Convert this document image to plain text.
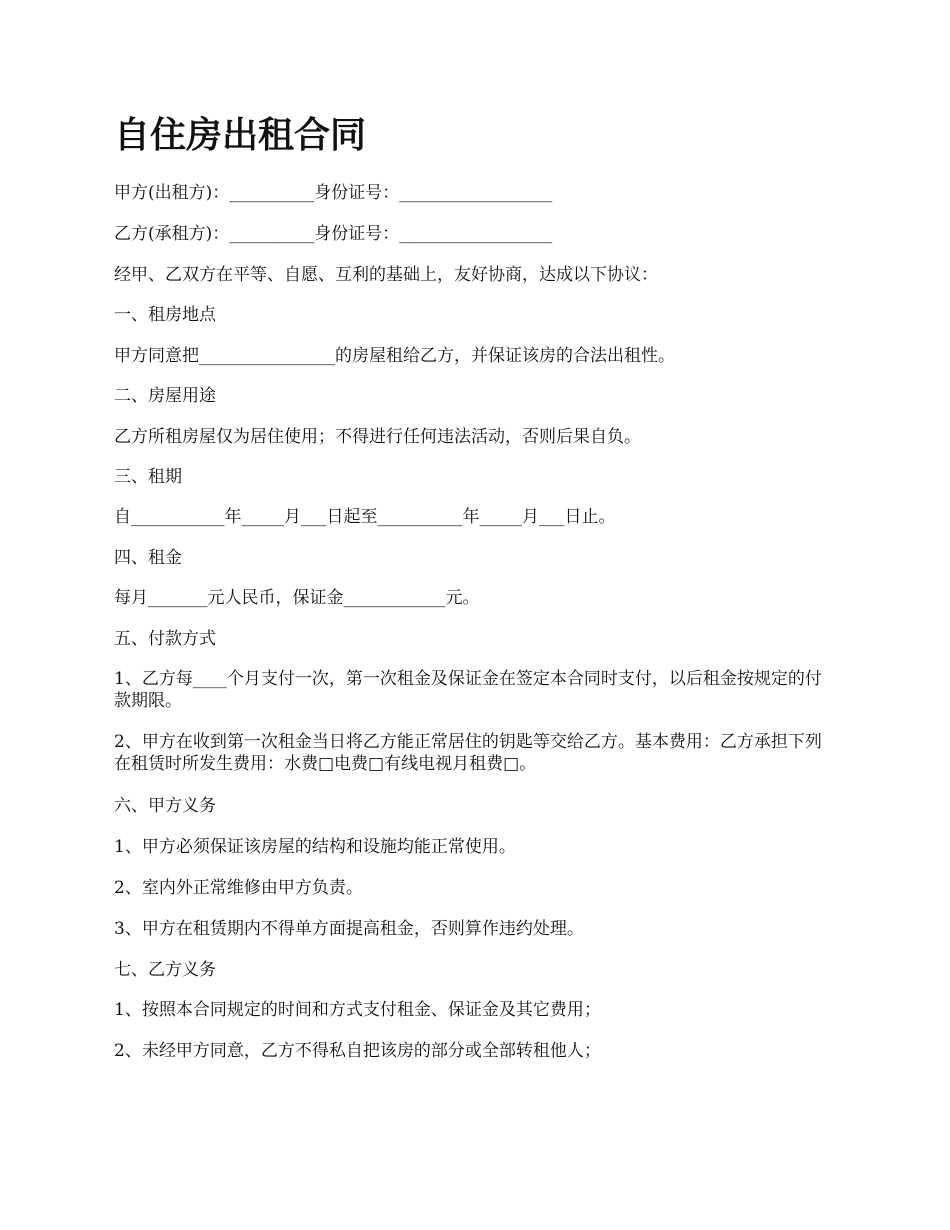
自住房出租合同

甲方(出租方)：__________身份证号：__________________

乙方(承租方)：__________身份证号：__________________

经甲、乙双方在平等、自愿、互利的基础上，友好协商，达成以下协议：

一、租房地点

甲方同意把________________的房屋租给乙方，并保证该房的合法出租性。

二、房屋用途

乙方所租房屋仅为居住使用；不得进行任何违法活动，否则后果自负。

三、租期

自___________年_____月___日起至__________年_____月___日止。

四、租金

每月_______元人民币，保证金____________元。

五、付款方式

1、乙方每____个月支付一次，第一次租金及保证金在签定本合同时支付，以后租金按规定的付款期限。

2、甲方在收到第一次租金当日将乙方能正常居住的钥匙等交给乙方。基本费用：乙方承担下列在租赁时所发生费用：水费□电费□有线电视月租费□。

六、甲方义务

1、甲方必须保证该房屋的结构和设施均能正常使用。

2、室内外正常维修由甲方负责。

3、甲方在租赁期内不得单方面提高租金，否则算作违约处理。

七、乙方义务

1、按照本合同规定的时间和方式支付租金、保证金及其它费用；

2、未经甲方同意，乙方不得私自把该房的部分或全部转租他人；
